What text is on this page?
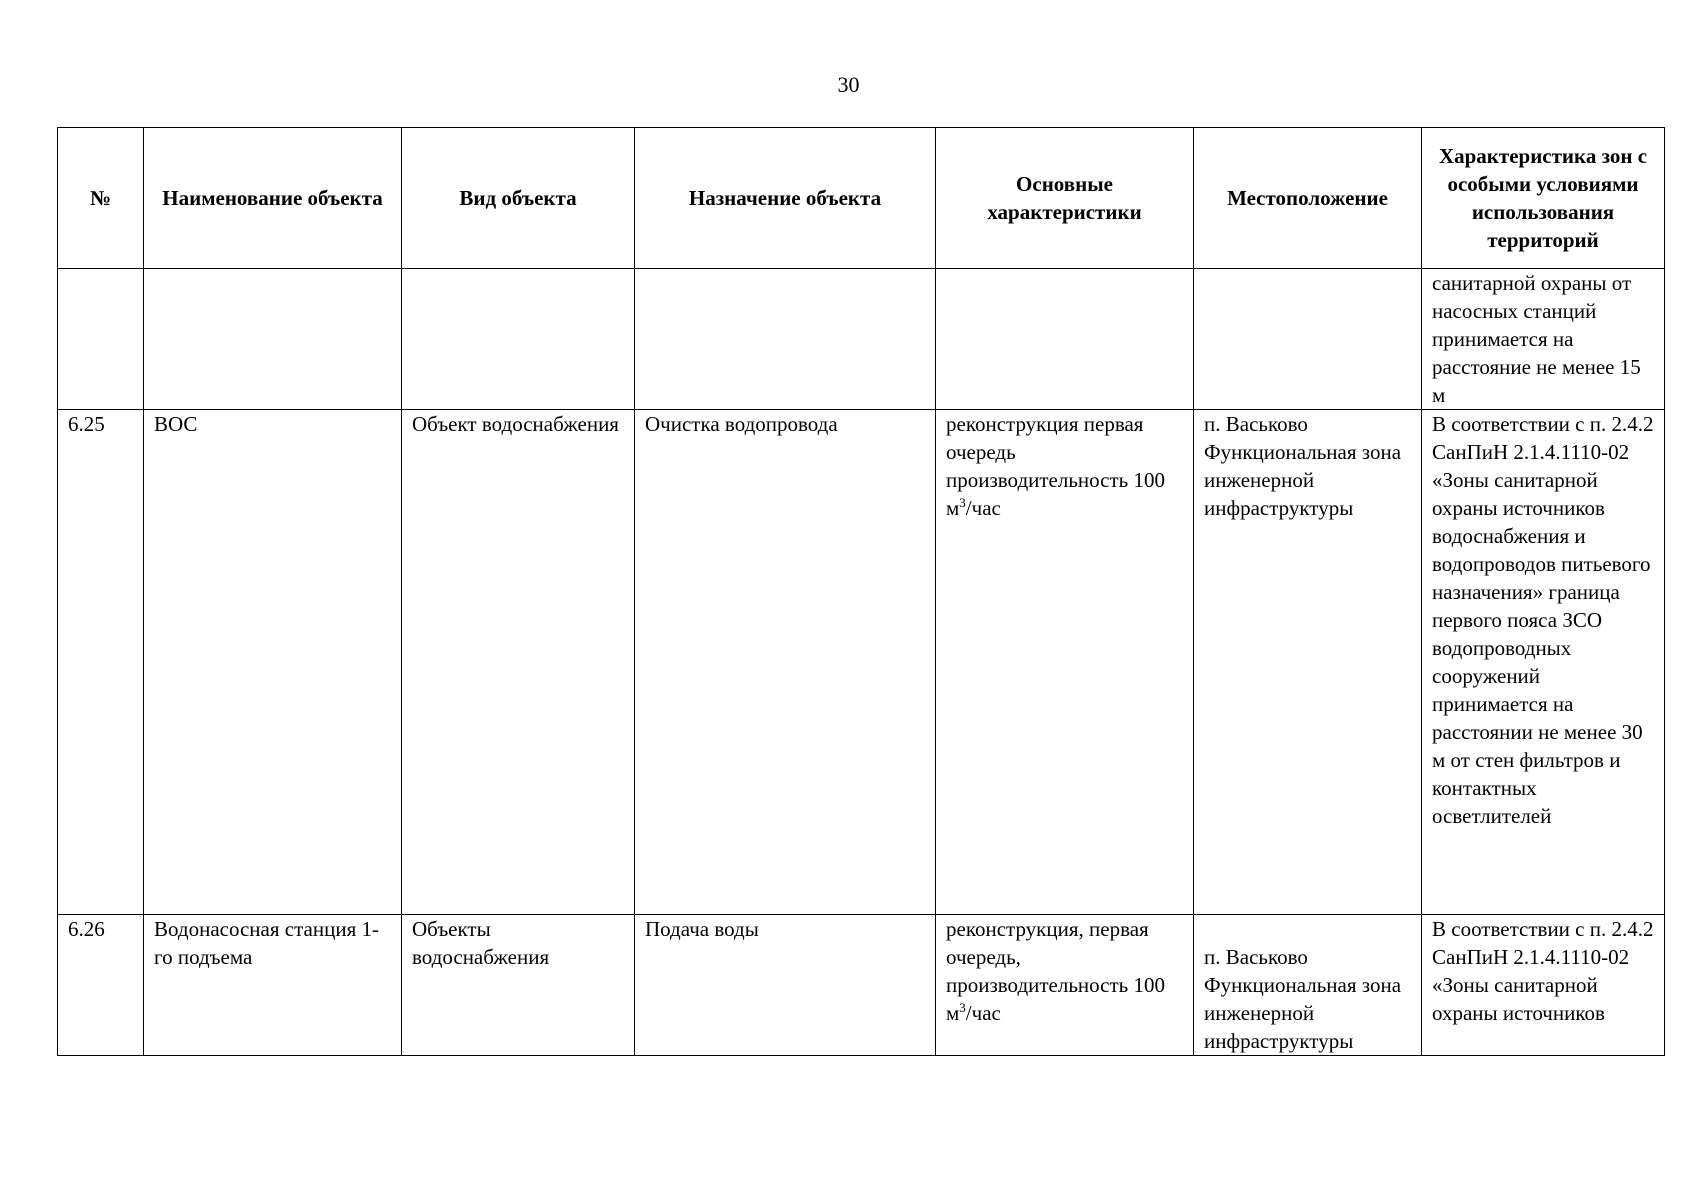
30
№	Наименование объекта	Вид объекта	Назначение объекта	Основные характеристики	Местоположение	Характеристика зон с особыми условиями использования территорий
						санитарной охраны от насосных станций принимается на расстояние не менее 15 м
6.25	ВОС	Объект водоснабжения	Очистка водопровода	реконструкция первая очередь производительность 100 $м^3$/час	п. Васьково Функциональная зона инженерной инфраструктуры	В соответствии с п. 2.4.2 СанПиН 2.1.4.1110-02 «Зоны санитарной охраны источников водоснабжения и водопроводов питьевого назначения» граница первого пояса ЗСО водопроводных сооружений принимается на расстоянии не менее 30 м от стен фильтров и контактных осветлителей
6.26	Водонасосная станция 1-го подъема	Объекты водоснабжения	Подача воды	реконструкция, первая очередь, производительность 100 $м^3$/час	п. Васьково Функциональная зона инженерной инфраструктуры	В соответствии с п. 2.4.2 СанПиН 2.1.4.1110-02 «Зоны санитарной охраны источников
